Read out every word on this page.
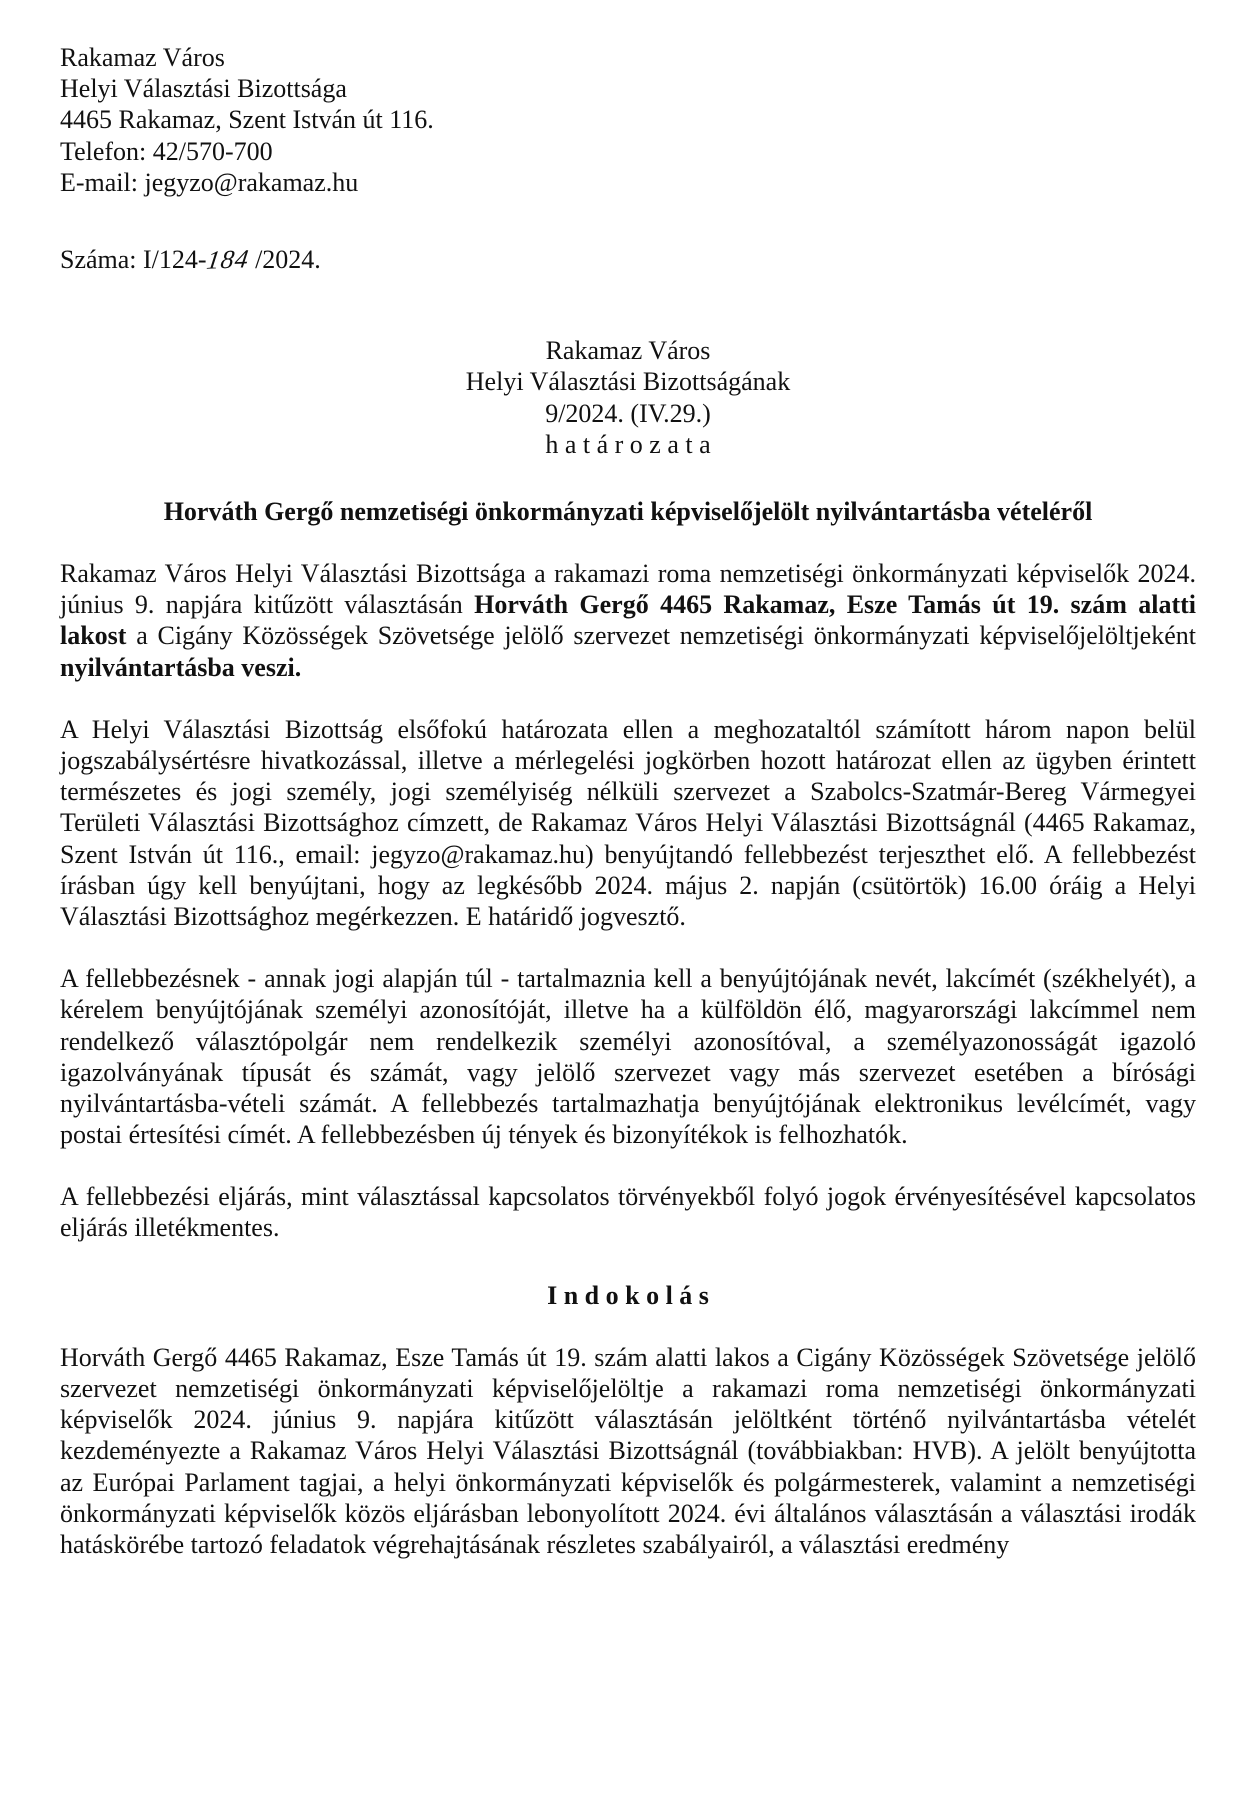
Rakamaz Város

Helyi Választási Bizottsága

4465 Rakamaz, Szent István út 116.

Telefon: 42/570-700

E-mail: jegyzo@rakamaz.hu

Száma: I/124-184 /2024.

Rakamaz Város

Helyi Választási Bizottságának

9/2024. (IV.29.)

h a t á r o z a t a

Horváth Gergő nemzetiségi önkormányzati képviselőjelölt nyilvántartásba vételéről

Rakamaz Város Helyi Választási Bizottsága a rakamazi roma nemzetiségi önkormányzati képviselők 2024. június 9. napjára kitűzött választásán Horváth Gergő 4465 Rakamaz, Esze Tamás út 19. szám alatti lakost a Cigány Közösségek Szövetsége jelölő szervezet nemzetiségi önkormányzati képviselőjelöltjeként nyilvántartásba veszi.

A Helyi Választási Bizottság elsőfokú határozata ellen a meghozataltól számított három napon belül jogszabálysértésre hivatkozással, illetve a mérlegelési jogkörben hozott határozat ellen az ügyben érintett természetes és jogi személy, jogi személyiség nélküli szervezet a Szabolcs-Szatmár-Bereg Vármegyei Területi Választási Bizottsághoz címzett, de Rakamaz Város Helyi Választási Bizottságnál (4465 Rakamaz, Szent István út 116., email: jegyzo@rakamaz.hu) benyújtandó fellebbezést terjeszthet elő. A fellebbezést írásban úgy kell benyújtani, hogy az legkésőbb 2024. május 2. napján (csütörtök) 16.00 óráig a Helyi Választási Bizottsághoz megérkezzen. E határidő jogvesztő.

A fellebbezésnek - annak jogi alapján túl - tartalmaznia kell a benyújtójának nevét, lakcímét (székhelyét), a kérelem benyújtójának személyi azonosítóját, illetve ha a külföldön élő, magyarországi lakcímmel nem rendelkező választópolgár nem rendelkezik személyi azonosítóval, a személyazonosságát igazoló igazolványának típusát és számát, vagy jelölő szervezet vagy más szervezet esetében a bírósági nyilvántartásba-vételi számát. A fellebbezés tartalmazhatja benyújtójának elektronikus levélcímét, vagy postai értesítési címét. A fellebbezésben új tények és bizonyítékok is felhozhatók.

A fellebbezési eljárás, mint választással kapcsolatos törvényekből folyó jogok érvényesítésével kapcsolatos eljárás illetékmentes.

I n d o k o l á s

Horváth Gergő 4465 Rakamaz, Esze Tamás út 19. szám alatti lakos a Cigány Közösségek Szövetsége jelölő szervezet nemzetiségi önkormányzati képviselőjelöltje a rakamazi roma nemzetiségi önkormányzati képviselők 2024. június 9. napjára kitűzött választásán jelöltként történő nyilvántartásba vételét kezdeményezte a Rakamaz Város Helyi Választási Bizottságnál (továbbiakban: HVB). A jelölt benyújtotta az Európai Parlament tagjai, a helyi önkormányzati képviselők és polgármesterek, valamint a nemzetiségi önkormányzati képviselők közös eljárásban lebonyolított 2024. évi általános választásán a választási irodák hatáskörébe tartozó feladatok végrehajtásának részletes szabályairól, a választási eredmény
